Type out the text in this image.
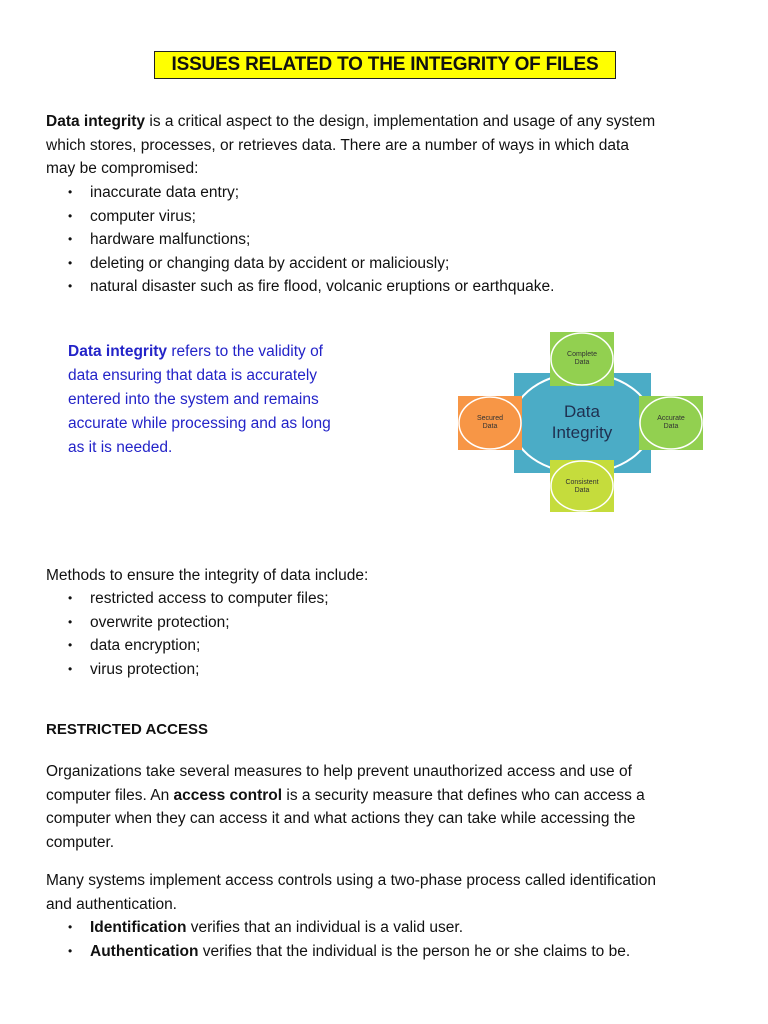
ISSUES RELATED TO THE INTEGRITY OF FILES

Data integrity is a critical aspect to the design, implementation and usage of any system
which stores, processes, or retrieves data. There are a number of ways in which data
may be compromised:

• inaccurate data entry;
• computer virus;
• hardware malfunctions;
• deleting or changing data by accident or maliciously;
• natural disaster such as fire flood, volcanic eruptions or earthquake.

Data integrity refers to the validity of
data ensuring that data is accurately
entered into the system and remains
accurate while processing and as long
as it is needed.

Data
Integrity
Complete
Data
Secured
Data
Accurate
Data
Consistent
Data

Methods to ensure the integrity of data include:

• restricted access to computer files;
• overwrite protection;
• data encryption;
• virus protection;

RESTRICTED ACCESS

Organizations take several measures to help prevent unauthorized access and use of
computer files. An access control is a security measure that defines who can access a
computer when they can access it and what actions they can take while accessing the
computer.

Many systems implement access controls using a two-phase process called identification
and authentication.

• Identification verifies that an individual is a valid user.
• Authentication verifies that the individual is the person he or she claims to be.
